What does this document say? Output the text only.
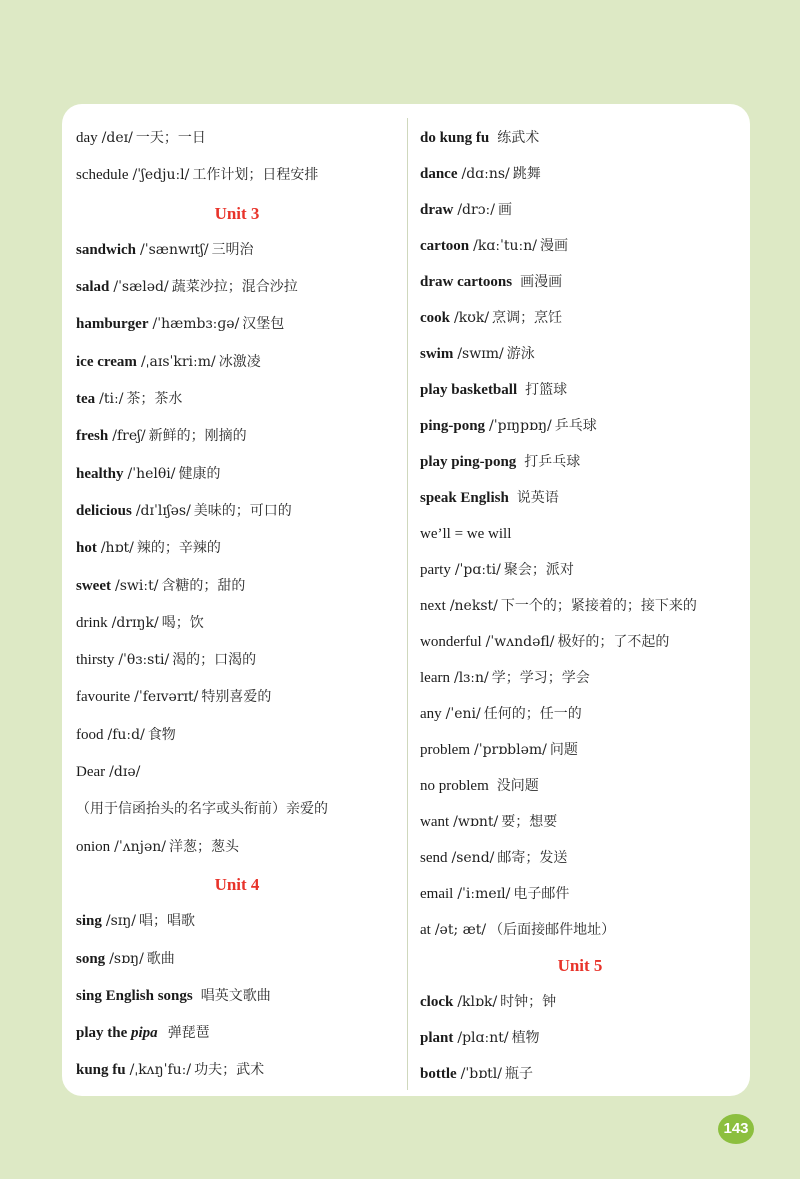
day /deɪ/ 一天；一日
schedule /ˈʃedjuːl/ 工作计划；日程安排
Unit 3
sandwich /ˈsænwɪtʃ/ 三明治
salad /ˈsæləd/ 蔬菜沙拉；混合沙拉
hamburger /ˈhæmbɜːɡə/ 汉堡包
ice cream /ˌaɪsˈkriːm/ 冰激凌
tea /tiː/ 茶；茶水
fresh /freʃ/ 新鲜的；刚摘的
healthy /ˈhelθi/ 健康的
delicious /dɪˈlɪʃəs/ 美味的；可口的
hot /hɒt/ 辣的；辛辣的
sweet /swiːt/ 含糖的；甜的
drink /drɪŋk/ 喝；饮
thirsty /ˈθɜːsti/ 渴的；口渴的
favourite /ˈfeɪvərɪt/ 特别喜爱的
food /fuːd/ 食物
Dear /dɪə/
（用于信函抬头的名字或头衔前）亲爱的
onion /ˈʌnjən/ 洋葱；葱头
Unit 4
sing /sɪŋ/ 唱；唱歌
song /sɒŋ/ 歌曲
sing English songs 唱英文歌曲
play the pipa 弹琵琶
kung fu /ˌkʌŋˈfuː/ 功夫；武术
do kung fu 练武术
dance /dɑːns/ 跳舞
draw /drɔː/ 画
cartoon /kɑːˈtuːn/ 漫画
draw cartoons 画漫画
cook /kʊk/ 烹调；烹饪
swim /swɪm/ 游泳
play basketball 打篮球
ping-pong /ˈpɪŋpɒŋ/ 乒乓球
play ping-pong 打乒乓球
speak English 说英语
we’ll = we will
party /ˈpɑːti/ 聚会；派对
next /nekst/ 下一个的；紧接着的；接下来的
wonderful /ˈwʌndəfl/ 极好的；了不起的
learn /lɜːn/ 学；学习；学会
any /ˈeni/ 任何的；任一的
problem /ˈprɒbləm/ 问题
no problem 没问题
want /wɒnt/ 要；想要
send /send/ 邮寄；发送
email /ˈiːmeɪl/ 电子邮件
at /ət; æt/ （后面接邮件地址）
Unit 5
clock /klɒk/ 时钟；钟
plant /plɑːnt/ 植物
bottle /ˈbɒtl/ 瓶子
143
